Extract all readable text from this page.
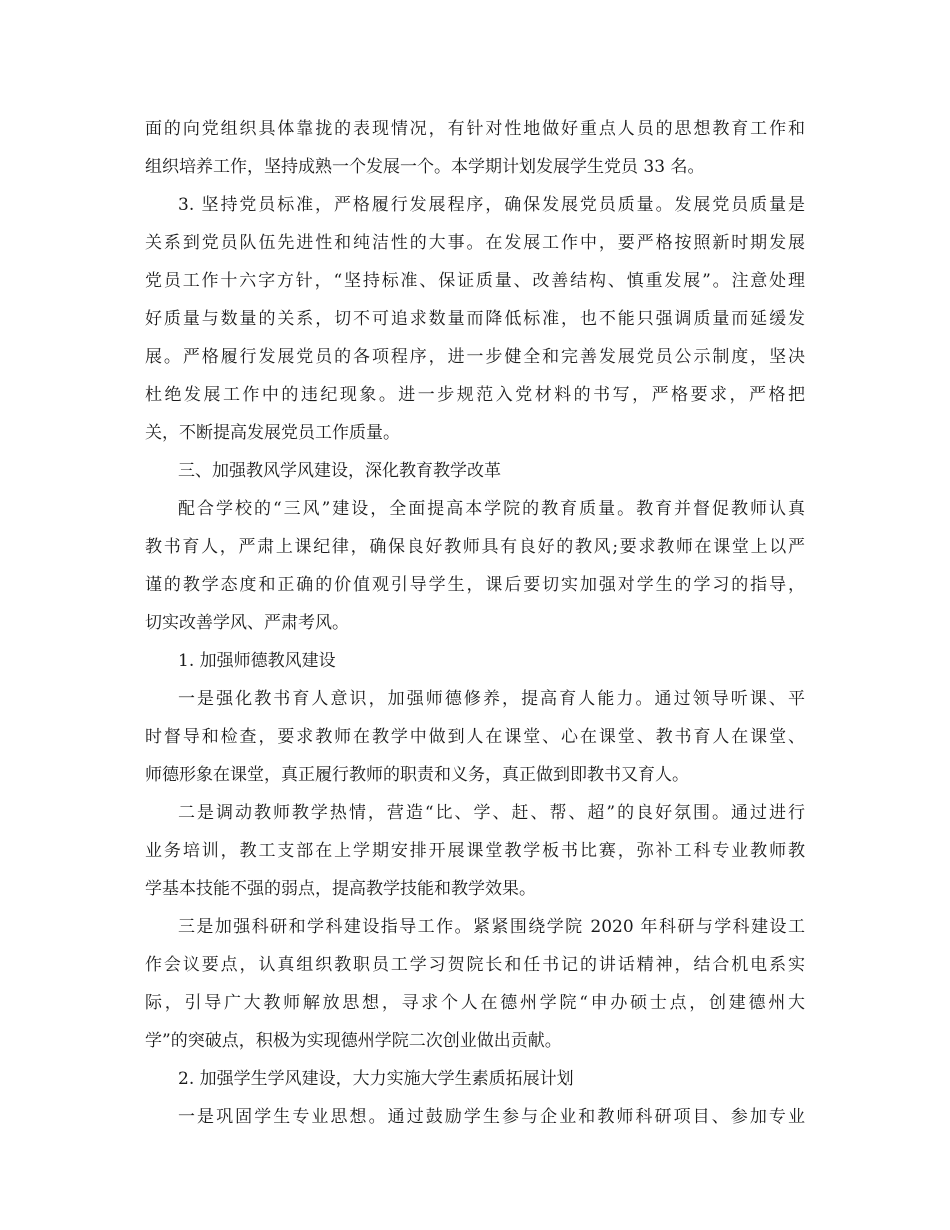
面的向党组织具体靠拢的表现情况，有针对性地做好重点人员的思想教育工作和
组织培养工作，坚持成熟一个发展一个。本学期计划发展学生党员 33 名。
3. 坚持党员标准，严格履行发展程序，确保发展党员质量。发展党员质量是
关系到党员队伍先进性和纯洁性的大事。在发展工作中，要严格按照新时期发展
党员工作十六字方针，“坚持标准、保证质量、改善结构、慎重发展”。注意处理
好质量与数量的关系，切不可追求数量而降低标准，也不能只强调质量而延缓发
展。严格履行发展党员的各项程序，进一步健全和完善发展党员公示制度，坚决
杜绝发展工作中的违纪现象。进一步规范入党材料的书写，严格要求，严格把
关，不断提高发展党员工作质量。
三、加强教风学风建设，深化教育教学改革
配合学校的“三风”建设，全面提高本学院的教育质量。教育并督促教师认真
教书育人，严肃上课纪律，确保良好教师具有良好的教风;要求教师在课堂上以严
谨的教学态度和正确的价值观引导学生，课后要切实加强对学生的学习的指导，
切实改善学风、严肃考风。
1. 加强师德教风建设
一是强化教书育人意识，加强师德修养，提高育人能力。通过领导听课、平
时督导和检查，要求教师在教学中做到人在课堂、心在课堂、教书育人在课堂、
师德形象在课堂，真正履行教师的职责和义务，真正做到即教书又育人。
二是调动教师教学热情，营造“比、学、赶、帮、超”的良好氛围。通过进行
业务培训，教工支部在上学期安排开展课堂教学板书比赛，弥补工科专业教师教
学基本技能不强的弱点，提高教学技能和教学效果。
三是加强科研和学科建设指导工作。紧紧围绕学院 2020 年科研与学科建设工
作会议要点，认真组织教职员工学习贺院长和任书记的讲话精神，结合机电系实
际，引导广大教师解放思想，寻求个人在德州学院“申办硕士点，创建德州大
学”的突破点，积极为实现德州学院二次创业做出贡献。
2. 加强学生学风建设，大力实施大学生素质拓展计划
一是巩固学生专业思想。通过鼓励学生参与企业和教师科研项目、参加专业
